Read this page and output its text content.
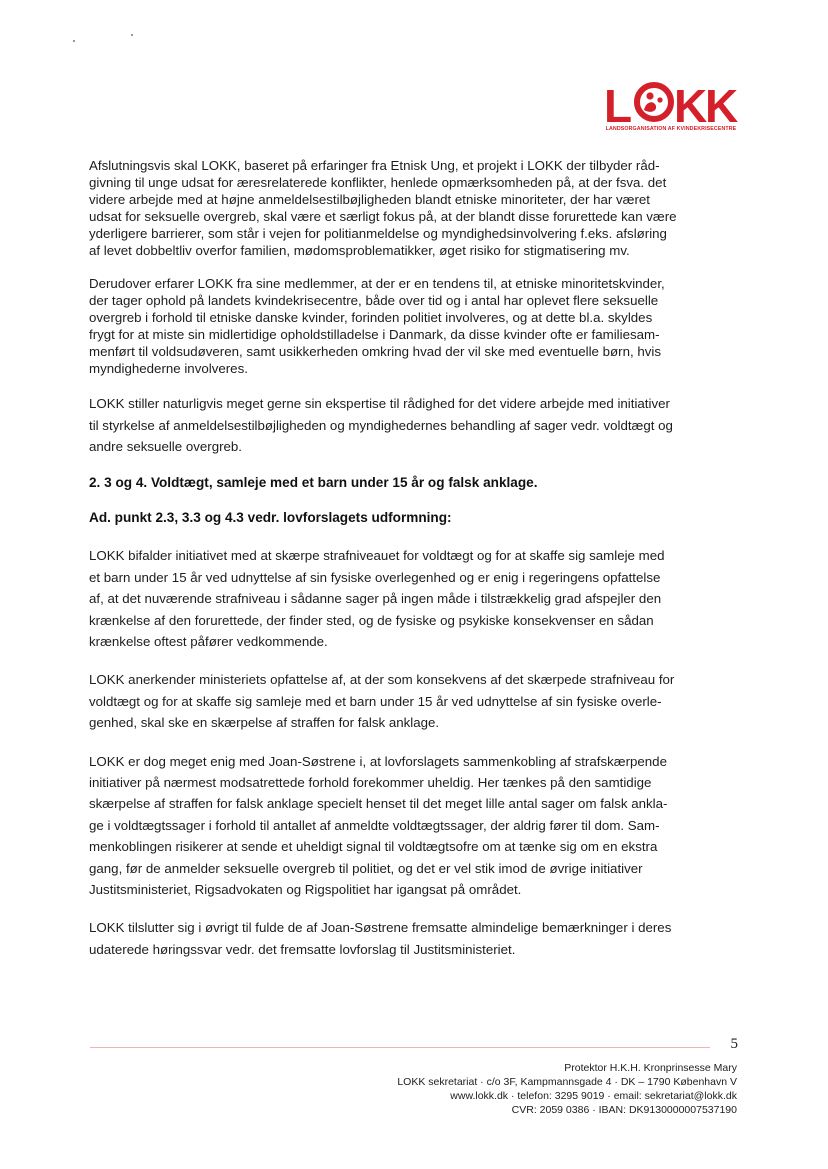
L K
K
LANDSORGANISATION AF KVINDEKRISECENTRE

Afslutningsvis skal LOKK, baseret på erfaringer fra Etnisk Ung, et projekt i LOKK der tilbyder råd-
givning til unge udsat for æresrelaterede konflikter, henlede opmærksomheden på, at der fsva. det
videre arbejde med at højne anmeldelsestilbøjligheden blandt etniske minoriteter, der har været
udsat for seksuelle overgreb, skal være et særligt fokus på, at der blandt disse forurettede kan være
yderligere barrierer, som står i vejen for politianmeldelse og myndighedsinvolvering f.eks. afsløring
af levet dobbeltliv overfor familien, mødomsproblematikker, øget risiko for stigmatisering mv.

Derudover erfarer LOKK fra sine medlemmer, at der er en tendens til, at etniske minoritetskvinder,
der tager ophold på landets kvindekrisecentre, både over tid og i antal har oplevet flere seksuelle
overgreb i forhold til etniske danske kvinder, forinden politiet involveres, og at dette bl.a. skyldes
frygt for at miste sin midlertidige opholdstilladelse i Danmark, da disse kvinder ofte er familiesam-
menført til voldsudøveren, samt usikkerheden omkring hvad der vil ske med eventuelle børn, hvis
myndighederne involveres.

LOKK stiller naturligvis meget gerne sin ekspertise til rådighed for det videre arbejde med initiativer
til styrkelse af anmeldelsestilbøjligheden og myndighedernes behandling af sager vedr. voldtægt og
andre seksuelle overgreb.

2. 3 og 4. Voldtægt, samleje med et barn under 15 år og falsk anklage.
Ad. punkt 2.3, 3.3 og 4.3 vedr. lovforslagets udformning:

LOKK bifalder initiativet med at skærpe strafniveauet for voldtægt og for at skaffe sig samleje med
et barn under 15 år ved udnyttelse af sin fysiske overlegenhed og er enig i regeringens opfattelse
af, at det nuværende strafniveau i sådanne sager på ingen måde i tilstrækkelig grad afspejler den
krænkelse af den forurettede, der finder sted, og de fysiske og psykiske konsekvenser en sådan
krænkelse oftest påfører vedkommende.

LOKK anerkender ministeriets opfattelse af, at der som konsekvens af det skærpede strafniveau for
voldtægt og for at skaffe sig samleje med et barn under 15 år ved udnyttelse af sin fysiske overle-
genhed, skal ske en skærpelse af straffen for falsk anklage.

LOKK er dog meget enig med Joan-Søstrene i, at lovforslagets sammenkobling af strafskærpende
initiativer på nærmest modsatrettede forhold forekommer uheldig. Her tænkes på den samtidige
skærpelse af straffen for falsk anklage specielt henset til det meget lille antal sager om falsk ankla-
ge i voldtægtssager i forhold til antallet af anmeldte voldtægtssager, der aldrig fører til dom. Sam-
menkoblingen risikerer at sende et uheldigt signal til voldtægtsofre om at tænke sig om en ekstra
gang, før de anmelder seksuelle overgreb til politiet, og det er vel stik imod de øvrige initiativer
Justitsministeriet, Rigsadvokaten og Rigspolitiet har igangsat på området.

LOKK tilslutter sig i øvrigt til fulde de af Joan-Søstrene fremsatte almindelige bemærkninger i deres
udaterede høringssvar vedr. det fremsatte lovforslag til Justitsministeriet.

5
Protektor H.K.H. Kronprinsesse Mary
LOKK sekretariat · c/o 3F, Kampmannsgade 4 · DK – 1790 København V
www.lokk.dk · telefon: 3295 9019 · email: sekretariat@lokk.dk
CVR: 2059 0386 · IBAN: DK9130000007537190
